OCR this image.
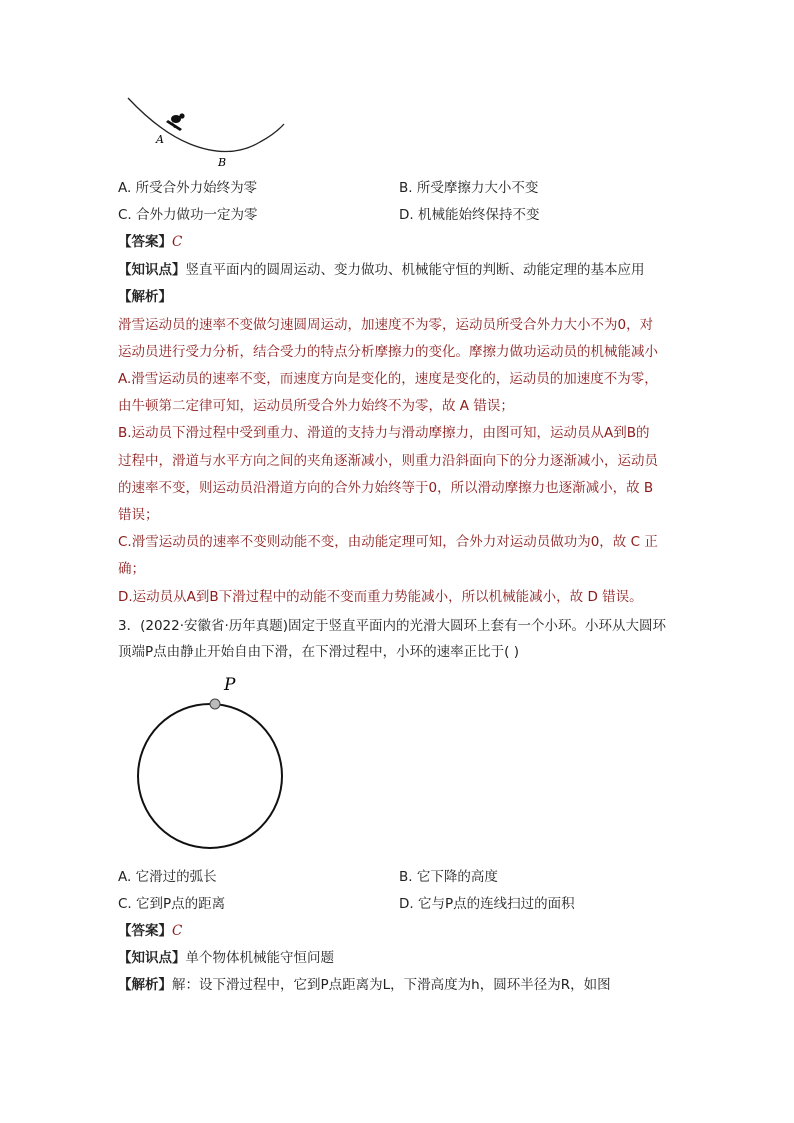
A
B
A. 所受合外力始终为零	B. 所受摩擦力大小不变
C. 合外力做功一定为零	D. 机械能始终保持不变
【答案】C
【知识点】竖直平面内的圆周运动、变力做功、机械能守恒的判断、动能定理的基本应用
【解析】
滑雪运动员的速率不变做匀速圆周运动，加速度不为零，运动员所受合外力大小不为0，对
运动员进行受力分析，结合受力的特点分析摩擦力的变化。摩擦力做功运动员的机械能减小
A.滑雪运动员的速率不变，而速度方向是变化的，速度是变化的，运动员的加速度不为零，
由牛顿第二定律可知，运动员所受合外力始终不为零，故 A 错误；
B.运动员下滑过程中受到重力、滑道的支持力与滑动摩擦力，由图可知，运动员从A到B的
过程中，滑道与水平方向之间的夹角逐渐减小，则重力沿斜面向下的分力逐渐减小，运动员
的速率不变，则运动员沿滑道方向的合外力始终等于0，所以滑动摩擦力也逐渐减小，故 B
错误；
C.滑雪运动员的速率不变则动能不变，由动能定理可知，合外力对运动员做功为0，故 C 正
确；
D.运动员从A到B下滑过程中的动能不变而重力势能减小，所以机械能减小，故 D 错误。
3．(2022·安徽省·历年真题)固定于竖直平面内的光滑大圆环上套有一个小环。小环从大圆环
顶端P点由静止开始自由下滑，在下滑过程中，小环的速率正比于( )
P
A. 它滑过的弧长	B. 它下降的高度
C. 它到P点的距离	D. 它与P点的连线扫过的面积
【答案】C
【知识点】单个物体机械能守恒问题
【解析】解：设下滑过程中，它到P点距离为L，下滑高度为h，圆环半径为R，如图
